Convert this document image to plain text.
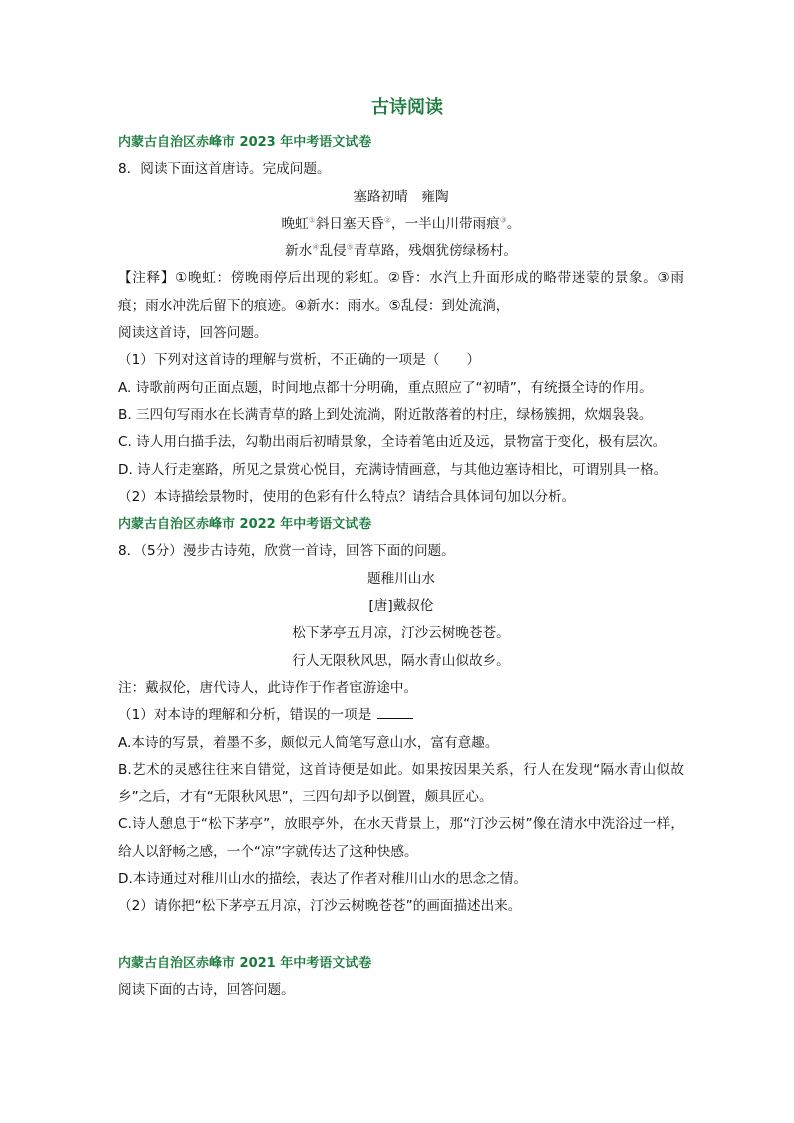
古诗阅读
内蒙古自治区赤峰市 2023 年中考语文试卷
8．阅读下面这首唐诗。完成问题。
塞路初晴　雍陶
晚虹①斜日塞天昏②，一半山川带雨痕③。
新水④乱侵⑤青草路，残烟犹傍绿杨村。
【注释】①晚虹：傍晚雨停后出现的彩虹。②昏：水汽上升面形成的略带迷蒙的景象。③雨痕；雨水冲洗后留下的痕迹。④新水：雨水。⑤乱侵：到处流淌，
阅读这首诗，回答问题。
（1）下列对这首诗的理解与赏析，不正确的一项是（　　）
A. 诗歌前两句正面点题，时间地点都十分明确，重点照应了“初晴”，有统摄全诗的作用。
B. 三四句写雨水在长满青草的路上到处流淌，附近散落着的村庄，绿杨簇拥，炊烟袅袅。
C. 诗人用白描手法，勾勒出雨后初晴景象，全诗着笔由近及远，景物富于变化，极有层次。
D. 诗人行走塞路，所见之景赏心悦目，充满诗情画意，与其他边塞诗相比，可谓别具一格。
（2）本诗描绘景物时，使用的色彩有什么特点？请结合具体词句加以分析。
内蒙古自治区赤峰市 2022 年中考语文试卷
8．（5分）漫步古诗苑，欣赏一首诗，回答下面的问题。
题稚川山水
[唐]戴叔伦
松下茅亭五月凉，汀沙云树晚苍苍。
行人无限秋风思，隔水青山似故乡。
注：戴叔伦，唐代诗人，此诗作于作者宦游途中。
（1）对本诗的理解和分析，错误的一项是
A.本诗的写景，着墨不多，颇似元人简笔写意山水，富有意趣。
B.艺术的灵感往往来自错觉，这首诗便是如此。如果按因果关系，行人在发现“隔水青山似故乡”之后，才有“无限秋风思”，三四句却予以倒置，颇具匠心。
C.诗人憩息于“松下茅亭”，放眼亭外，在水天背景上，那“汀沙云树”像在清水中洗浴过一样，给人以舒畅之感，一个“凉”字就传达了这种快感。
D.本诗通过对稚川山水的描绘，表达了作者对稚川山水的思念之情。
（2）请你把“松下茅亭五月凉，汀沙云树晚苍苍”的画面描述出来。
内蒙古自治区赤峰市 2021 年中考语文试卷
阅读下面的古诗，回答问题。
